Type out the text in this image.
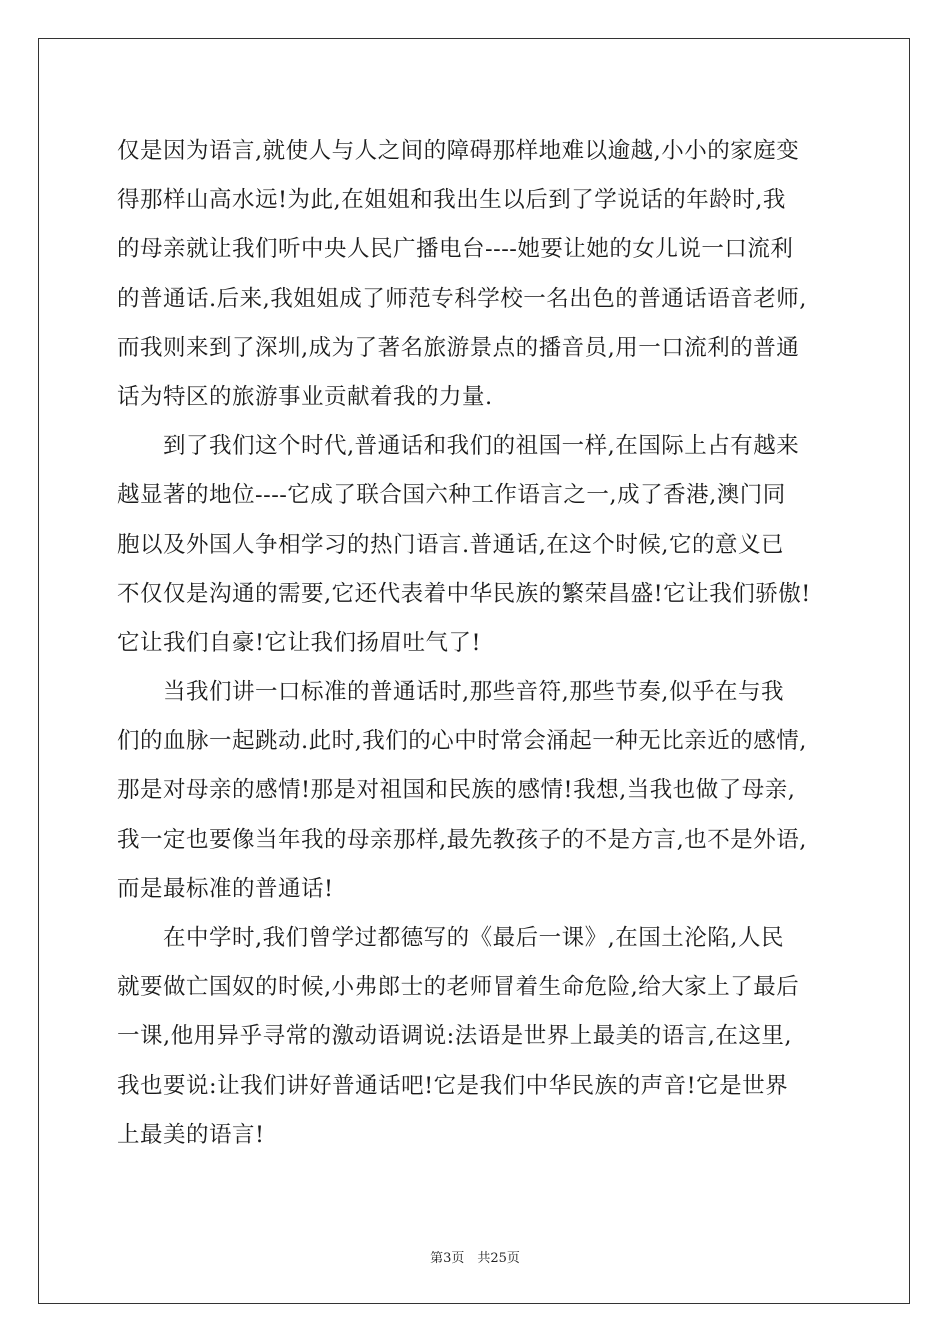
仅是因为语言,就使人与人之间的障碍那样地难以逾越,小小的家庭变
得那样山高水远!为此,在姐姐和我出生以后到了学说话的年龄时,我
的母亲就让我们听中央人民广播电台----她要让她的女儿说一口流利
的普通话.后来,我姐姐成了师范专科学校一名出色的普通话语音老师,
而我则来到了深圳,成为了著名旅游景点的播音员,用一口流利的普通
话为特区的旅游事业贡献着我的力量.
　　到了我们这个时代,普通话和我们的祖国一样,在国际上占有越来
越显著的地位----它成了联合国六种工作语言之一,成了香港,澳门同
胞以及外国人争相学习的热门语言.普通话,在这个时候,它的意义已
不仅仅是沟通的需要,它还代表着中华民族的繁荣昌盛!它让我们骄傲!
它让我们自豪!它让我们扬眉吐气了!
　　当我们讲一口标准的普通话时,那些音符,那些节奏,似乎在与我
们的血脉一起跳动.此时,我们的心中时常会涌起一种无比亲近的感情,
那是对母亲的感情!那是对祖国和民族的感情!我想,当我也做了母亲,
我一定也要像当年我的母亲那样,最先教孩子的不是方言,也不是外语,
而是最标准的普通话!
　　在中学时,我们曾学过都德写的《最后一课》,在国土沦陷,人民
就要做亡国奴的时候,小弗郎士的老师冒着生命危险,给大家上了最后
一课,他用异乎寻常的激动语调说:法语是世界上最美的语言,在这里,
我也要说:让我们讲好普通话吧!它是我们中华民族的声音!它是世界
上最美的语言!
第3页　共25页
